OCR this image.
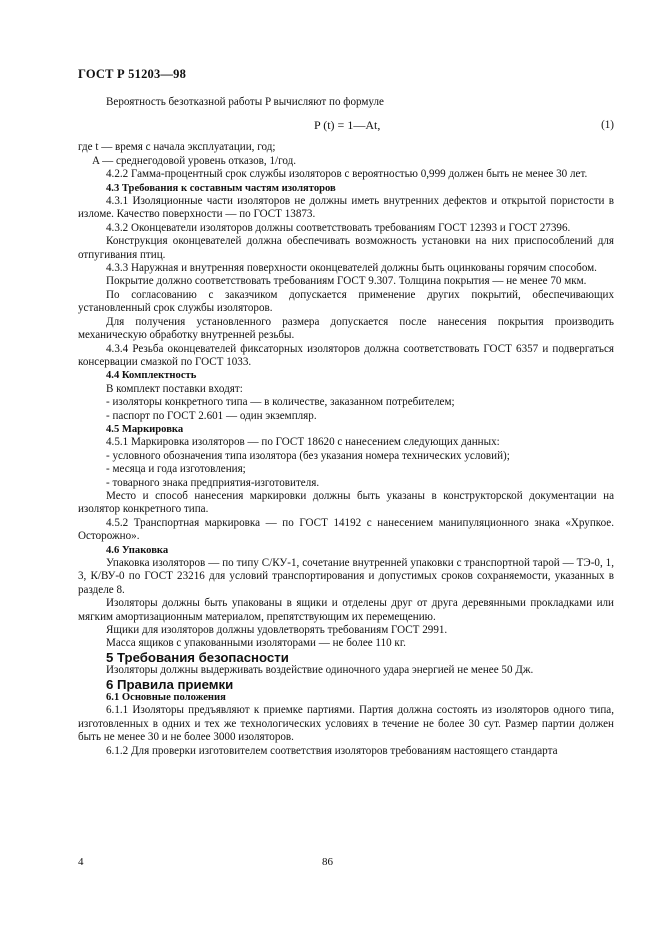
ГОСТ Р 51203—98

Вероятность безотказной работы P вычисляют по формуле

P (t) = 1—At,	(1)

где t — время с начала эксплуатации, год;

A — среднегодовой уровень отказов, 1/год.

4.2.2 Гамма-процентный срок службы изоляторов с вероятностью 0,999 должен быть не менее 30 лет.

4.3 Требования к составным частям изоляторов

4.3.1 Изоляционные части изоляторов не должны иметь внутренних дефектов и открытой пористости в изломе. Качество поверхности — по ГОСТ 13873.

4.3.2 Оконцеватели изоляторов должны соответствовать требованиям ГОСТ 12393 и ГОСТ 27396.

Конструкция оконцевателей должна обеспечивать возможность установки на них приспособлений для отпугивания птиц.

4.3.3 Наружная и внутренняя поверхности оконцевателей должны быть оцинкованы горячим способом.

Покрытие должно соответствовать требованиям ГОСТ 9.307. Толщина покрытия — не менее 70 мкм.

По согласованию с заказчиком допускается применение других покрытий, обеспечивающих установленный срок службы изоляторов.

Для получения установленного размера допускается после нанесения покрытия производить механическую обработку внутренней резьбы.

4.3.4 Резьба оконцевателей фиксаторных изоляторов должна соответствовать ГОСТ 6357 и подвергаться консервации смазкой по ГОСТ 1033.

4.4 Комплектность

В комплект поставки входят:

- изоляторы конкретного типа — в количестве, заказанном потребителем;

- паспорт по ГОСТ 2.601 — один экземпляр.

4.5 Маркировка

4.5.1 Маркировка изоляторов — по ГОСТ 18620 с нанесением следующих данных:

- условного обозначения типа изолятора (без указания номера технических условий);

- месяца и года изготовления;

- товарного знака предприятия-изготовителя.

Место и способ нанесения маркировки должны быть указаны в конструкторской документации на изолятор конкретного типа.

4.5.2 Транспортная маркировка — по ГОСТ 14192 с нанесением манипуляционного знака «Хрупкое. Осторожно».

4.6 Упаковка

Упаковка изоляторов — по типу С/КУ-1, сочетание внутренней упаковки с транспортной тарой — ТЭ-0, 1, 3, К/ВУ-0 по ГОСТ 23216 для условий транспортирования и допустимых сроков сохраняемости, указанных в разделе 8.

Изоляторы должны быть упакованы в ящики и отделены друг от друга деревянными прокладками или мягким амортизационным материалом, препятствующим их перемещению.

Ящики для изоляторов должны удовлетворять требованиям ГОСТ 2991.

Масса ящиков с упакованными изоляторами — не более 110 кг.

5 Требования безопасности

Изоляторы должны выдерживать воздействие одиночного удара энергией не менее 50 Дж.

6 Правила приемки

6.1 Основные положения

6.1.1 Изоляторы предъявляют к приемке партиями. Партия должна состоять из изоляторов одного типа, изготовленных в одних и тех же технологических условиях в течение не более 30 сут. Размер партии должен быть не менее 30 и не более 3000 изоляторов.

6.1.2 Для проверки изготовителем соответствия изоляторов требованиям настоящего стандарта

4	86
